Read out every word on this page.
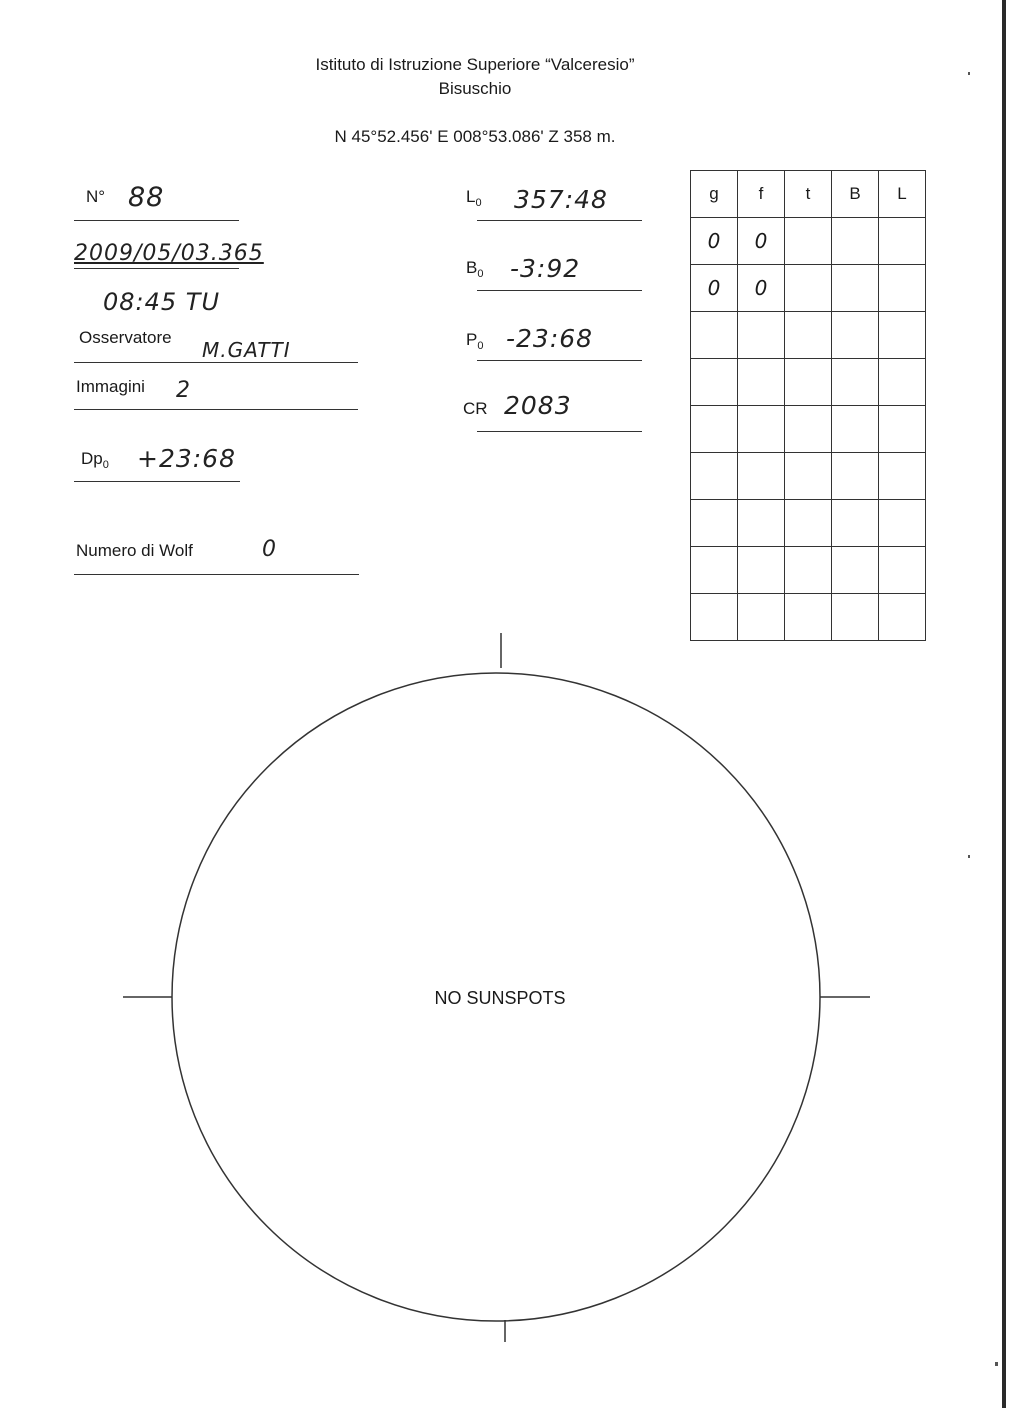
Istituto di Istruzione Superiore “Valceresio”
Bisuschio
N 45°52.456' E 008°53.086' Z 358 m.
N° 88
2009/05/03.365
08:45 TU
Osservatore
M.GATTI
Immagini 2
$Dp_0$ +23:68
Numero di Wolf	0
$L_0$ 357:48
$B_0$ -3:92
$P_0$ -23:68
CR 2083
g	f	t	B	L
0	0			
0	0			

NO SUNSPOTS
